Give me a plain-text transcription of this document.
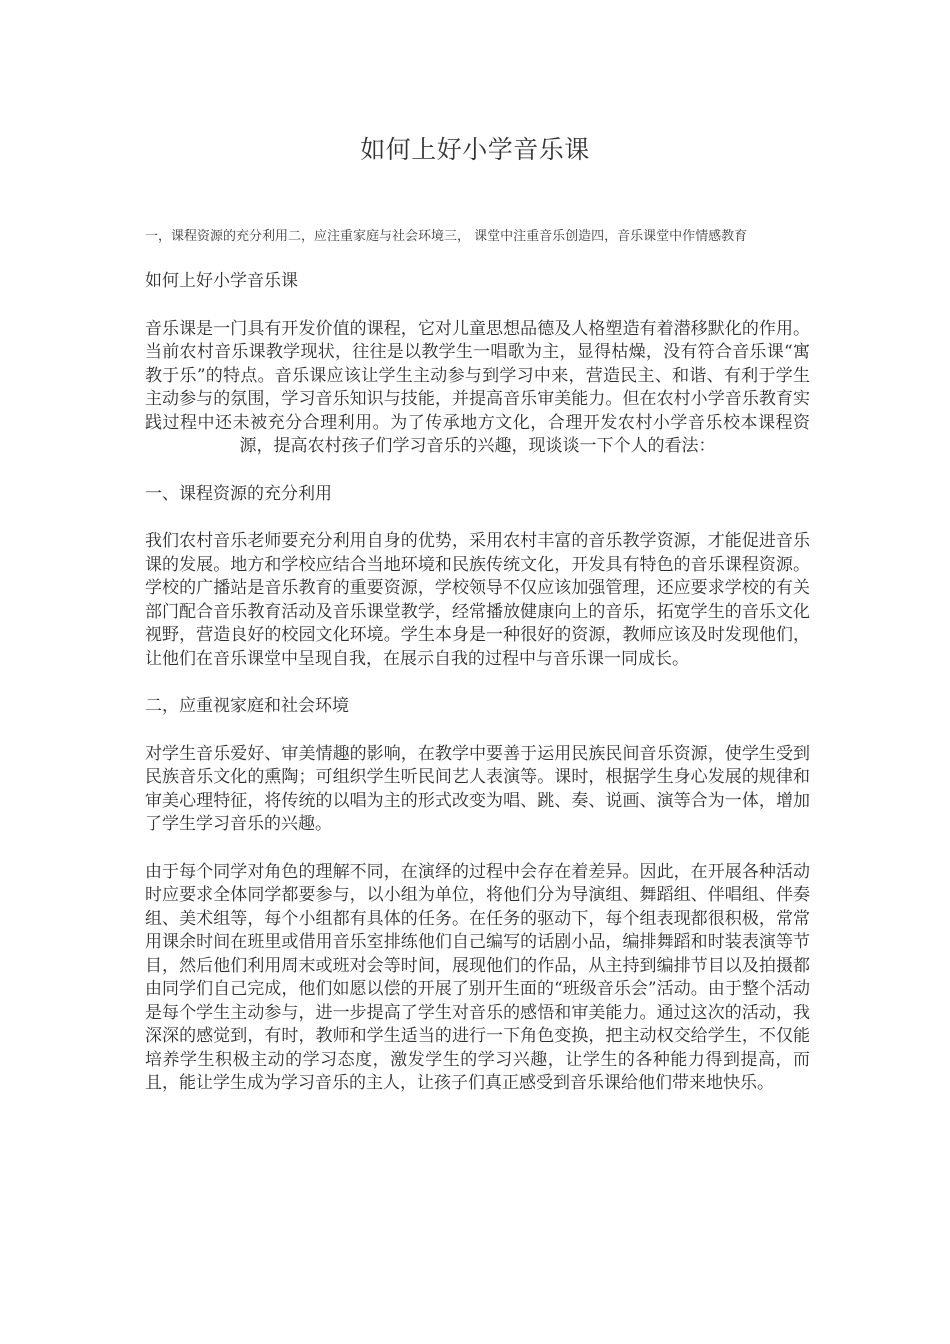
如何上好小学音乐课
一，课程资源的充分利用二，应注重家庭与社会环境三， 课堂中注重音乐创造四，音乐课堂中作情感教育

如何上好小学音乐课

音乐课是一门具有开发价值的课程，它对儿童思想品德及人格塑造有着潜移默化的作用。当前农村音乐课教学现状，往往是以教学生一唱歌为主，显得枯燥，没有符合音乐课“寓教于乐”的特点。音乐课应该让学生主动参与到学习中来，营造民主、和谐、有利于学生主动参与的氛围，学习音乐知识与技能，并提高音乐审美能力。但在农村小学音乐教育实践过程中还未被充分合理利用。为了传承地方文化，合理开发农村小学音乐校本课程资源，提高农村孩子们学习音乐的兴趣，现谈谈一下个人的看法：

一、课程资源的充分利用

我们农村音乐老师要充分利用自身的优势，采用农村丰富的音乐教学资源，才能促进音乐课的发展。地方和学校应结合当地环境和民族传统文化，开发具有特色的音乐课程资源。学校的广播站是音乐教育的重要资源，学校领导不仅应该加强管理，还应要求学校的有关部门配合音乐教育活动及音乐课堂教学，经常播放健康向上的音乐，拓宽学生的音乐文化视野，营造良好的校园文化环境。学生本身是一种很好的资源，教师应该及时发现他们，让他们在音乐课堂中呈现自我，在展示自我的过程中与音乐课一同成长。

二，应重视家庭和社会环境

对学生音乐爱好、审美情趣的影响，在教学中要善于运用民族民间音乐资源，使学生受到民族音乐文化的熏陶；可组织学生听民间艺人表演等。课时，根据学生身心发展的规律和审美心理特征，将传统的以唱为主的形式改变为唱、跳、奏、说画、演等合为一体，增加了学生学习音乐的兴趣。

由于每个同学对角色的理解不同，在演绎的过程中会存在着差异。因此，在开展各种活动时应要求全体同学都要参与，以小组为单位，将他们分为导演组、舞蹈组、伴唱组、伴奏组、美术组等，每个小组都有具体的任务。在任务的驱动下，每个组表现都很积极，常常用课余时间在班里或借用音乐室排练他们自己编写的话剧小品，编排舞蹈和时装表演等节目，然后他们利用周末或班对会等时间，展现他们的作品，从主持到编排节目以及拍摄都由同学们自己完成，他们如愿以偿的开展了别开生面的“班级音乐会”活动。由于整个活动是每个学生主动参与，进一步提高了学生对音乐的感悟和审美能力。通过这次的活动，我深深的感觉到，有时，教师和学生适当的进行一下角色变换，把主动权交给学生，不仅能培养学生积极主动的学习态度，激发学生的学习兴趣，让学生的各种能力得到提高，而且，能让学生成为学习音乐的主人，让孩子们真正感受到音乐课给他们带来地快乐。
